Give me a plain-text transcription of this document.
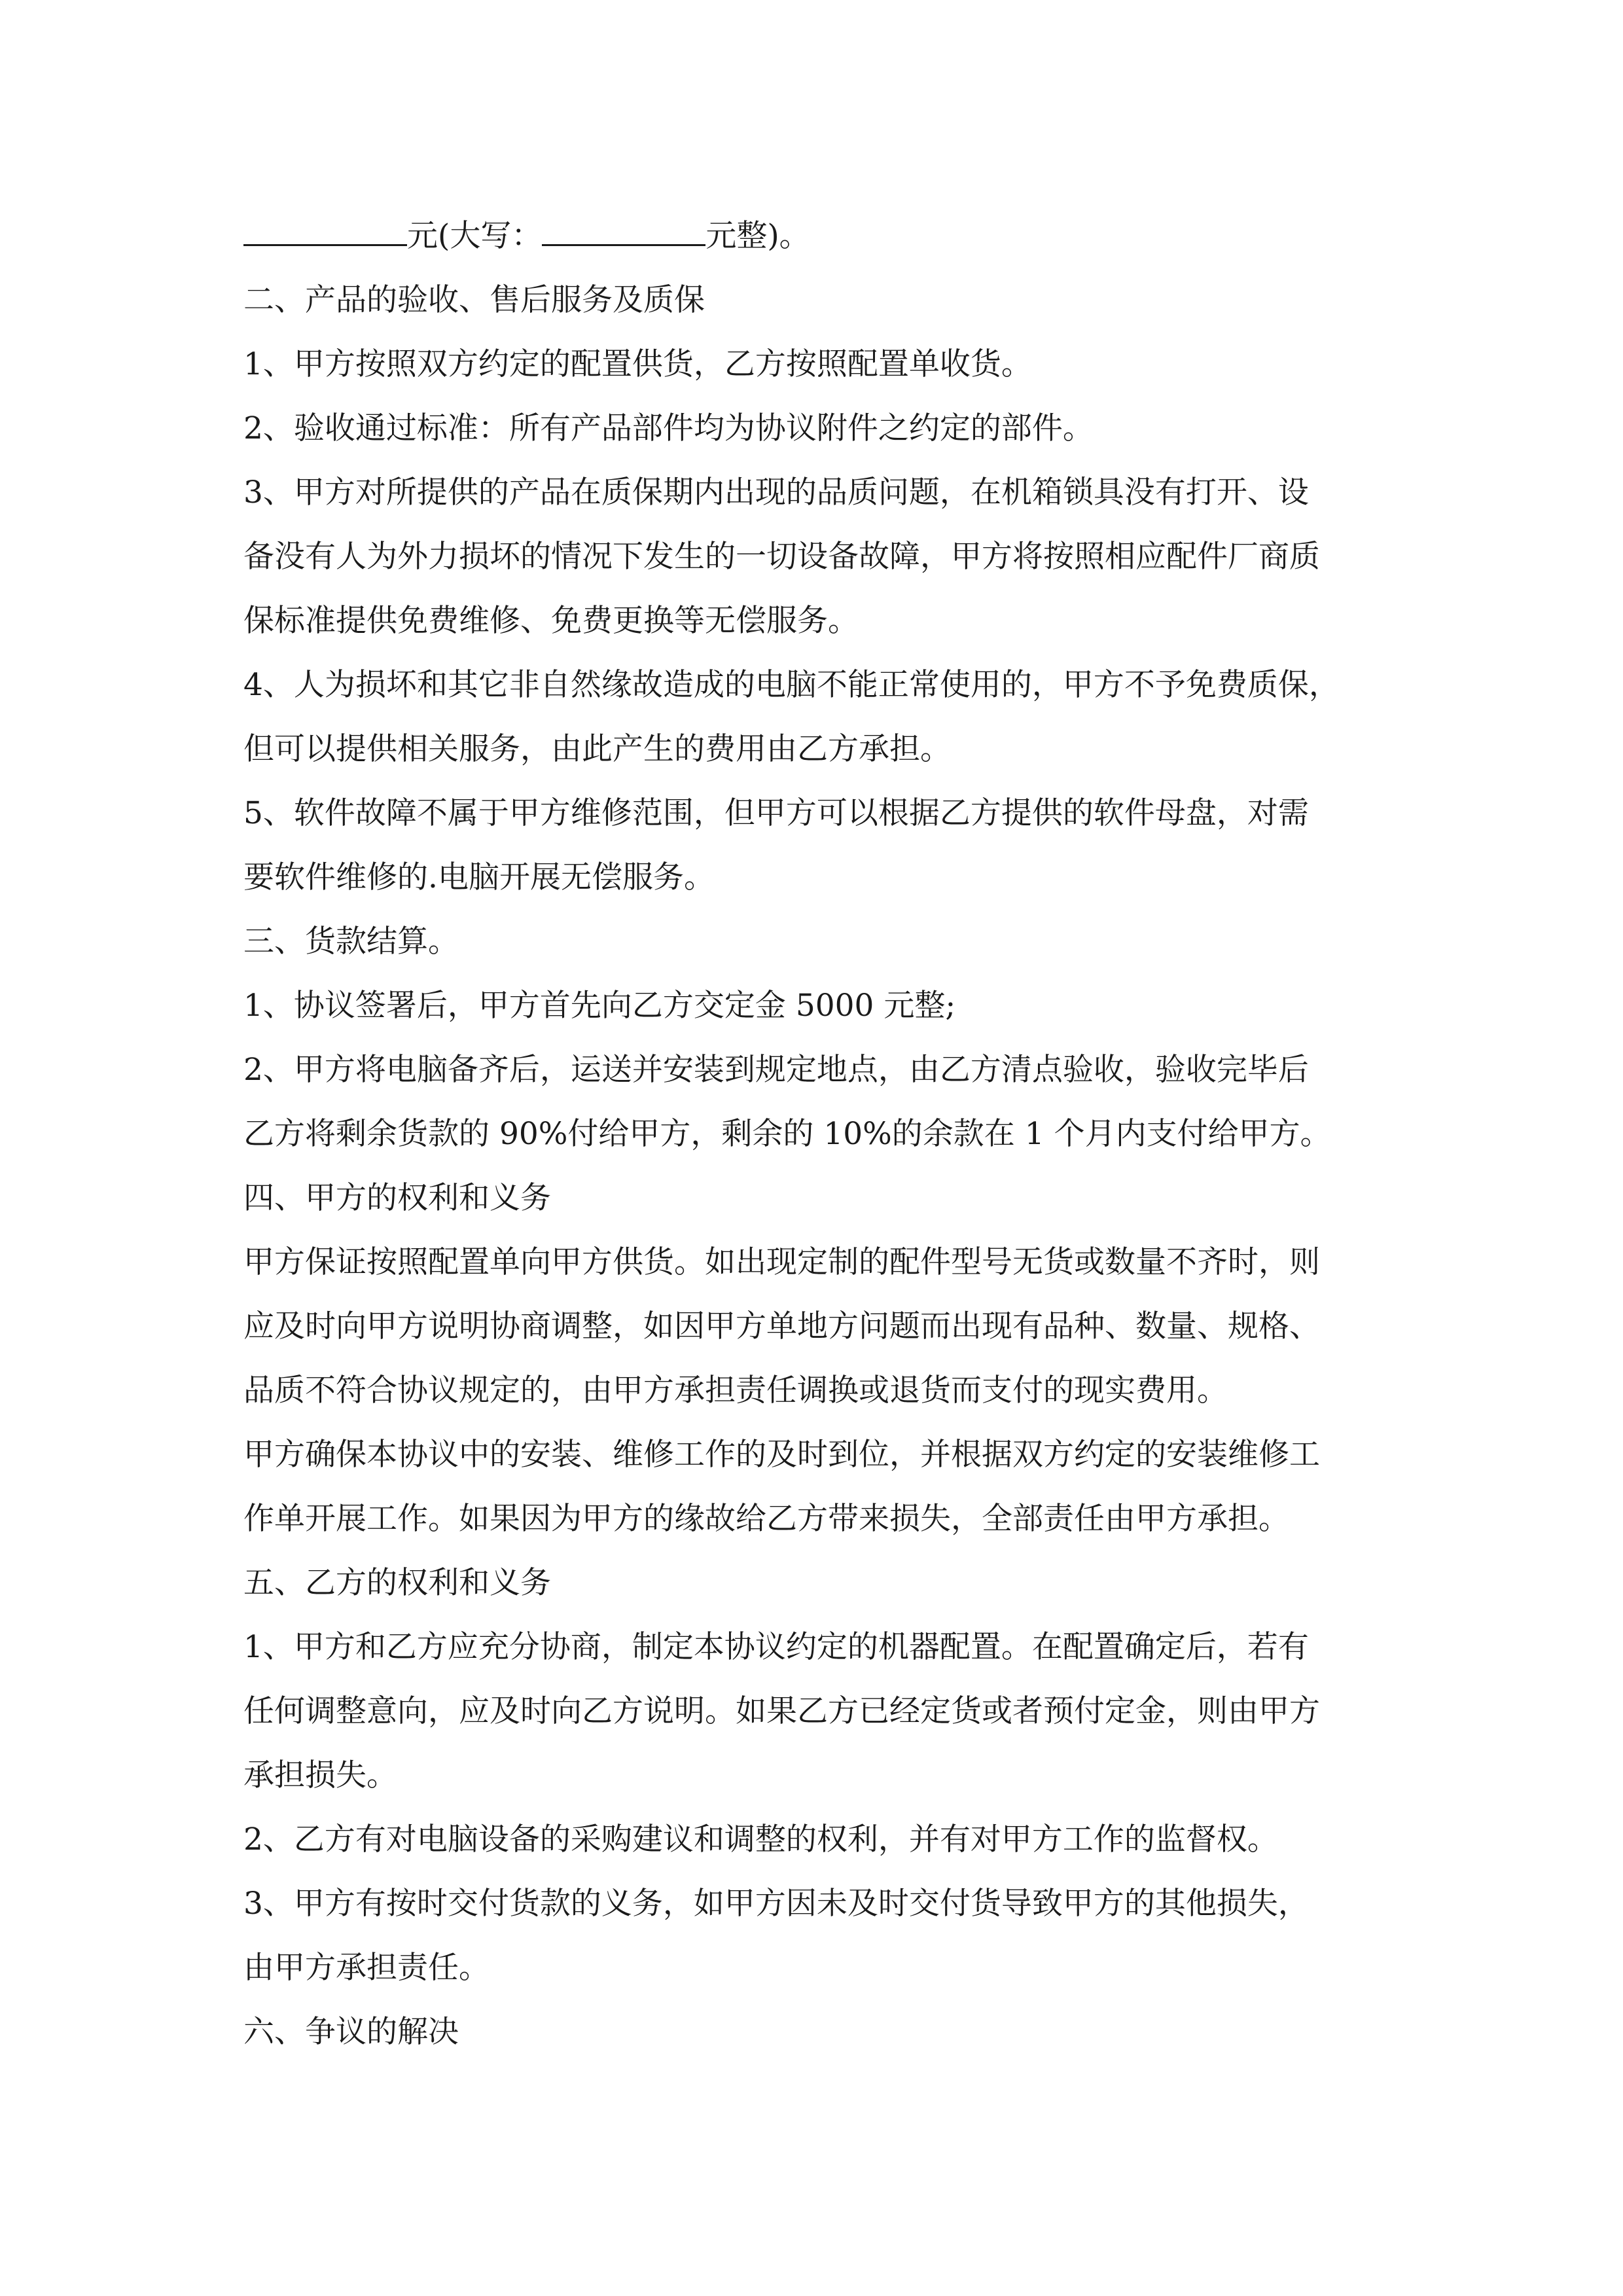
元(大写：	元整)。
二、产品的验收、售后服务及质保
1、甲方按照双方约定的配置供货，乙方按照配置单收货。
2、验收通过标准：所有产品部件均为协议附件之约定的部件。
3、甲方对所提供的产品在质保期内出现的品质问题，在机箱锁具没有打开、设
备没有人为外力损坏的情况下发生的一切设备故障，甲方将按照相应配件厂商质
保标准提供免费维修、免费更换等无偿服务。
4、人为损坏和其它非自然缘故造成的电脑不能正常使用的，甲方不予免费质保，
但可以提供相关服务，由此产生的费用由乙方承担。
5、软件故障不属于甲方维修范围，但甲方可以根据乙方提供的软件母盘，对需
要软件维修的.电脑开展无偿服务。
三、货款结算。
1、协议签署后，甲方首先向乙方交定金 5000 元整;
2、甲方将电脑备齐后，运送并安装到规定地点，由乙方清点验收，验收完毕后
乙方将剩余货款的 90%付给甲方，剩余的 10%的余款在 1 个月内支付给甲方。
四、甲方的权利和义务
甲方保证按照配置单向甲方供货。如出现定制的配件型号无货或数量不齐时，则
应及时向甲方说明协商调整，如因甲方单地方问题而出现有品种、数量、规格、
品质不符合协议规定的，由甲方承担责任调换或退货而支付的现实费用。
甲方确保本协议中的安装、维修工作的及时到位，并根据双方约定的安装维修工
作单开展工作。如果因为甲方的缘故给乙方带来损失，全部责任由甲方承担。
五、乙方的权利和义务
1、甲方和乙方应充分协商，制定本协议约定的机器配置。在配置确定后，若有
任何调整意向，应及时向乙方说明。如果乙方已经定货或者预付定金，则由甲方
承担损失。
2、乙方有对电脑设备的采购建议和调整的权利，并有对甲方工作的监督权。
3、甲方有按时交付货款的义务，如甲方因未及时交付货导致甲方的其他损失，
由甲方承担责任。
六、争议的解决
